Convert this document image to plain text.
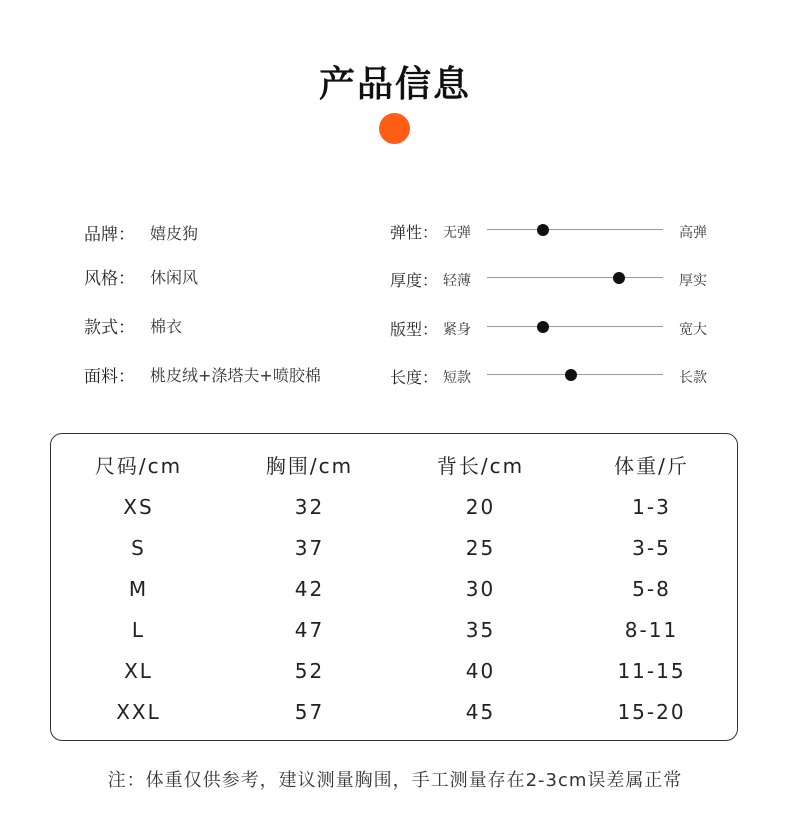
产品信息
品牌： 嬉皮狗
风格： 休闲风
款式： 棉衣
面料： 桃皮绒+涤塔夫+喷胶棉
弹性： 无弹	高弹
厚度： 轻薄	厚实
版型： 紧身	宽大
长度： 短款	长款
尺码/cm	胸围/cm	背长/cm	体重/斤
XS	32	20	1-3
S	37	25	3-5
M	42	30	5-8
L	47	35	8-11
XL	52	40	11-15
XXL	57	45	15-20
注：体重仅供参考，建议测量胸围，手工测量存在2-3cm误差属正常
